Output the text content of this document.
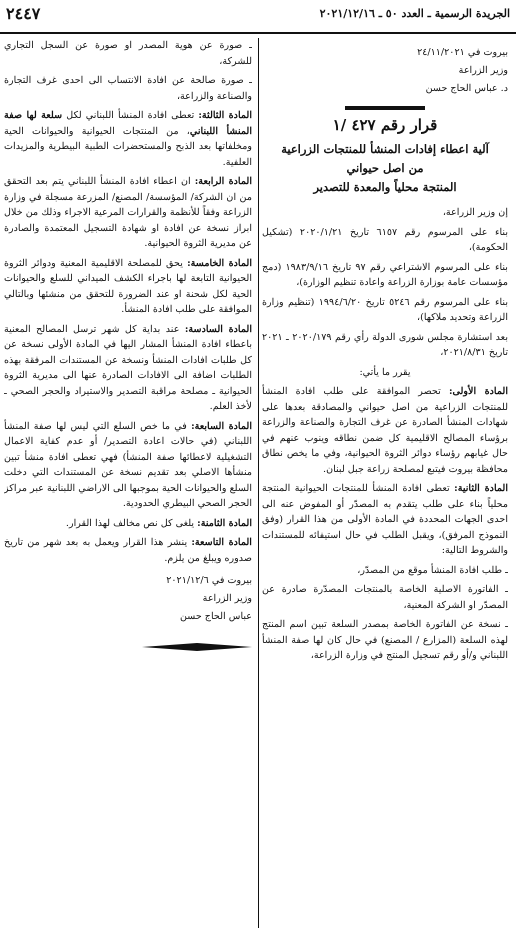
٢٤٤٧	الجريدة الرسمية ـ العدد ٥٠ ـ ٢٠٢١/١٢/١٦

بيروت في ٢٤/١١/٢٠٢١

وزير الزراعة

د. عباس الحاج حسن

قرار رقم ٤٢٧ /١

آلية اعطاء إفادات المنشأ للمنتجات الزراعية

من اصل حيواني

المنتجة محلياً والمعدة للتصدير

إن وزير الزراعة،

بناء على المرسوم رقم ٦١٥٧ تاريخ ٢٠٢٠/١/٢١ (تشكيل الحكومة)،

بناء على المرسوم الاشتراعي رقم ٩٧ تاريخ ١٩٨٣/٩/١٦ (دمج مؤسسات عامة بوزارة الزراعة واعادة تنظيم الوزارة)،

بناء على المرسوم رقم ٥٢٤٦ تاريخ ١٩٩٤/٦/٢٠ (تنظيم وزارة الزراعة وتحديد ملاكها)،

بعد استشارة مجلس شورى الدولة رأي رقم ٢٠٢٠/١٧٩ ـ ٢٠٢١ تاريخ ٢٠٢١/٨/٣١،

يقرر ما يأتي:

المادة الأولى: تحصر الموافقة على طلب افادة المنشأ للمنتجات الزراعية من اصل حيواني والمصادقة بعدها على شهادات المنشأ الصادرة عن غرف التجارة والصناعة والزراعة برؤساء المصالح الاقليمية كل ضمن نطاقه وينوب عنهم في حال غيابهم رؤساء دوائر الثروة الحيوانية، وفي ما يخص نطاق محافظة بيروت فيتبع لمصلحة زراعة جبل لبنان.

المادة الثانية: تعطى افادة المنشأ للمنتجات الحيوانية المنتجة محلياً بناء على طلب يتقدم به المصدّر أو المفوض عنه الى احدى الجهات المحددة في المادة الأولى من هذا القرار (وفق النموذج المرفق)، ويقبل الطلب في حال استيفائه للمستندات والشروط التالية:

ـ طلب افادة المنشأ موقع من المصدّر،

ـ الفاتورة الاصلية الخاصة بالمنتجات المصدّرة صادرة عن المصدّر او الشركة المعنية،

ـ نسخة عن الفاتورة الخاصة بمصدر السلعة تبين اسم المنتج لهذه السلعة (المزارع / المصنع) في حال كان لها صفة المنشأ اللبناني و/أو رقم تسجيل المنتج في وزارة الزراعة،

ـ صورة عن هوية المصدر او صورة عن السجل التجاري للشركة،

ـ صورة صالحة عن افادة الانتساب الى احدى غرف التجارة والصناعة والزراعة،

المادة الثالثة: تعطى افادة المنشأ اللبناني لكل سلعة لها صفة المنشأ اللبناني، من المنتجات الحيوانية والحيوانات الحية ومخلفاتها بعد الذبح والمستحضرات الطبية البيطرية والمزيدات العلفية.

المادة الرابعة: ان اعطاء افادة المنشأ اللبناني يتم بعد التحقق من ان الشركة/ المؤسسة/ المصنع/ المزرعة مسجلة في وزارة الزراعة وفقاً للأنظمة والقرارات المرعية الاجراء وذلك من خلال ابراز نسخة عن افادة او شهادة التسجيل المعتمدة والصادرة عن مديرية الثروة الحيوانية.

المادة الخامسة: يحق للمصلحة الاقليمية المعنية ودوائر الثروة الحيوانية التابعة لها باجراء الكشف الميداني للسلع والحيوانات الحية لكل شحنة او عند الضرورة للتحقق من منشئها وبالتالي الموافقة على طلب افادة المنشأ.

المادة السادسة: عند بداية كل شهر ترسل المصالح المعنية باعطاء افادة المنشأ المشار اليها في المادة الأولى نسخة عن كل طلبات افادات المنشأ ونسخة عن المستندات المرفقة بهذه الطلبات اضافة الى الافادات الصادرة عنها الى مديرية الثروة الحيوانية ـ مصلحة مراقبة التصدير والاستيراد والحجر الصحي ـ لأخذ العلم.

المادة السابعة: في ما خص السلع التي ليس لها صفة المنشأ اللبناني (في حالات اعادة التصدير/ أو عدم كفاية الاعمال التشغيلية لاعطائها صفة المنشأ) فهي تعطى افادة منشأ تبين منشأها الاصلي بعد تقديم نسخة عن المستندات التي دخلت السلع والحيوانات الحية بموجبها الى الاراضي اللبنانية عبر مراكز الحجر الصحي البيطري الحدودية.

المادة الثامنة: يلغى كل نص مخالف لهذا القرار.

المادة التاسعة: ينشر هذا القرار ويعمل به بعد شهر من تاريخ صدوره ويبلغ من يلزم.

بيروت في ٢٠٢١/١٢/٦

وزير الزراعة

عباس الحاج حسن
